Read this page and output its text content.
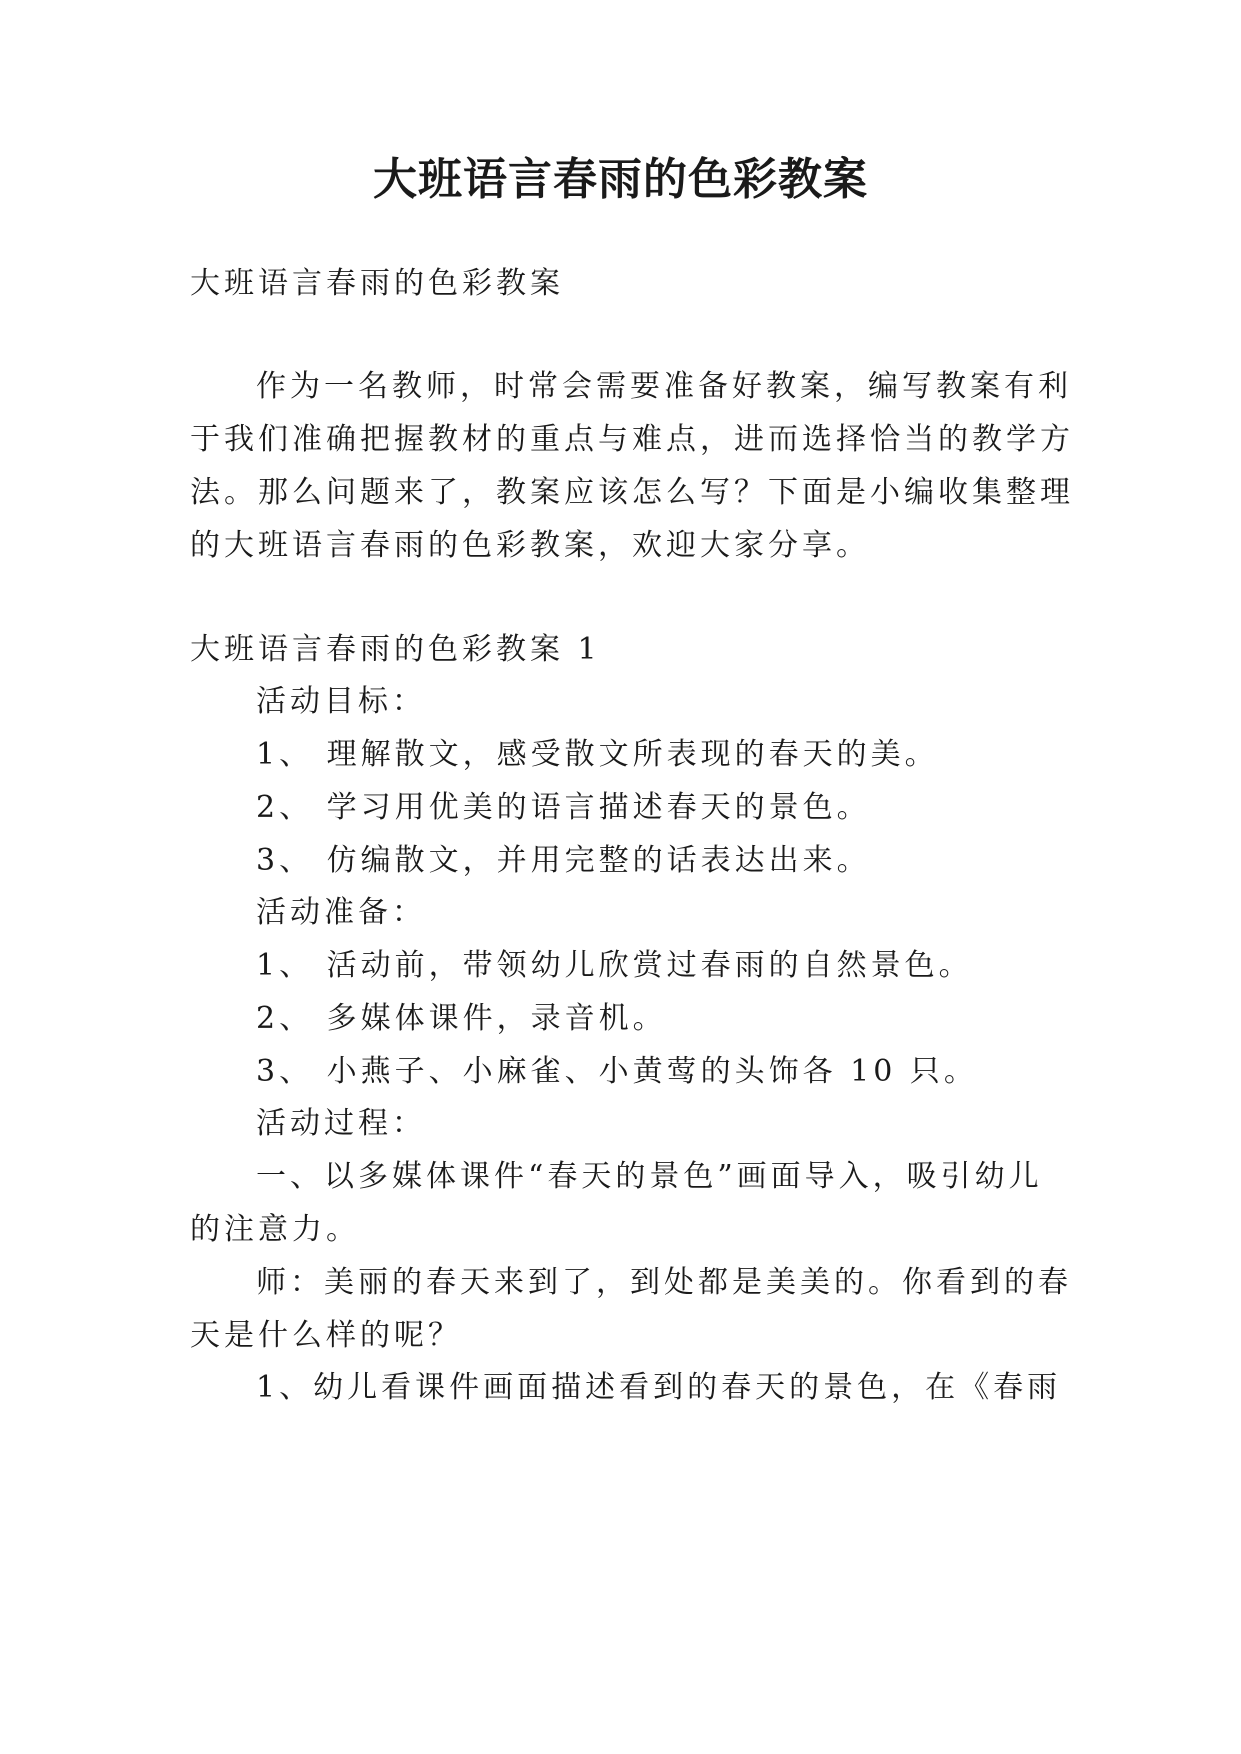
大班语言春雨的色彩教案
大班语言春雨的色彩教案
作为一名教师，时常会需要准备好教案，编写教案有利
于我们准确把握教材的重点与难点，进而选择恰当的教学方
法。那么问题来了，教案应该怎么写？下面是小编收集整理
的大班语言春雨的色彩教案，欢迎大家分享。
大班语言春雨的色彩教案 1
活动目标：
1、 理解散文，感受散文所表现的春天的美。
2、 学习用优美的语言描述春天的景色。
3、 仿编散文，并用完整的话表达出来。
活动准备：
1、 活动前，带领幼儿欣赏过春雨的自然景色。
2、 多媒体课件，录音机。
3、 小燕子、小麻雀、小黄莺的头饰各 10 只。
活动过程：
一、以多媒体课件“春天的景色”画面导入，吸引幼儿
的注意力。
师：美丽的春天来到了，到处都是美美的。你看到的春
天是什么样的呢？
1、幼儿看课件画面描述看到的春天的景色，在《春雨
